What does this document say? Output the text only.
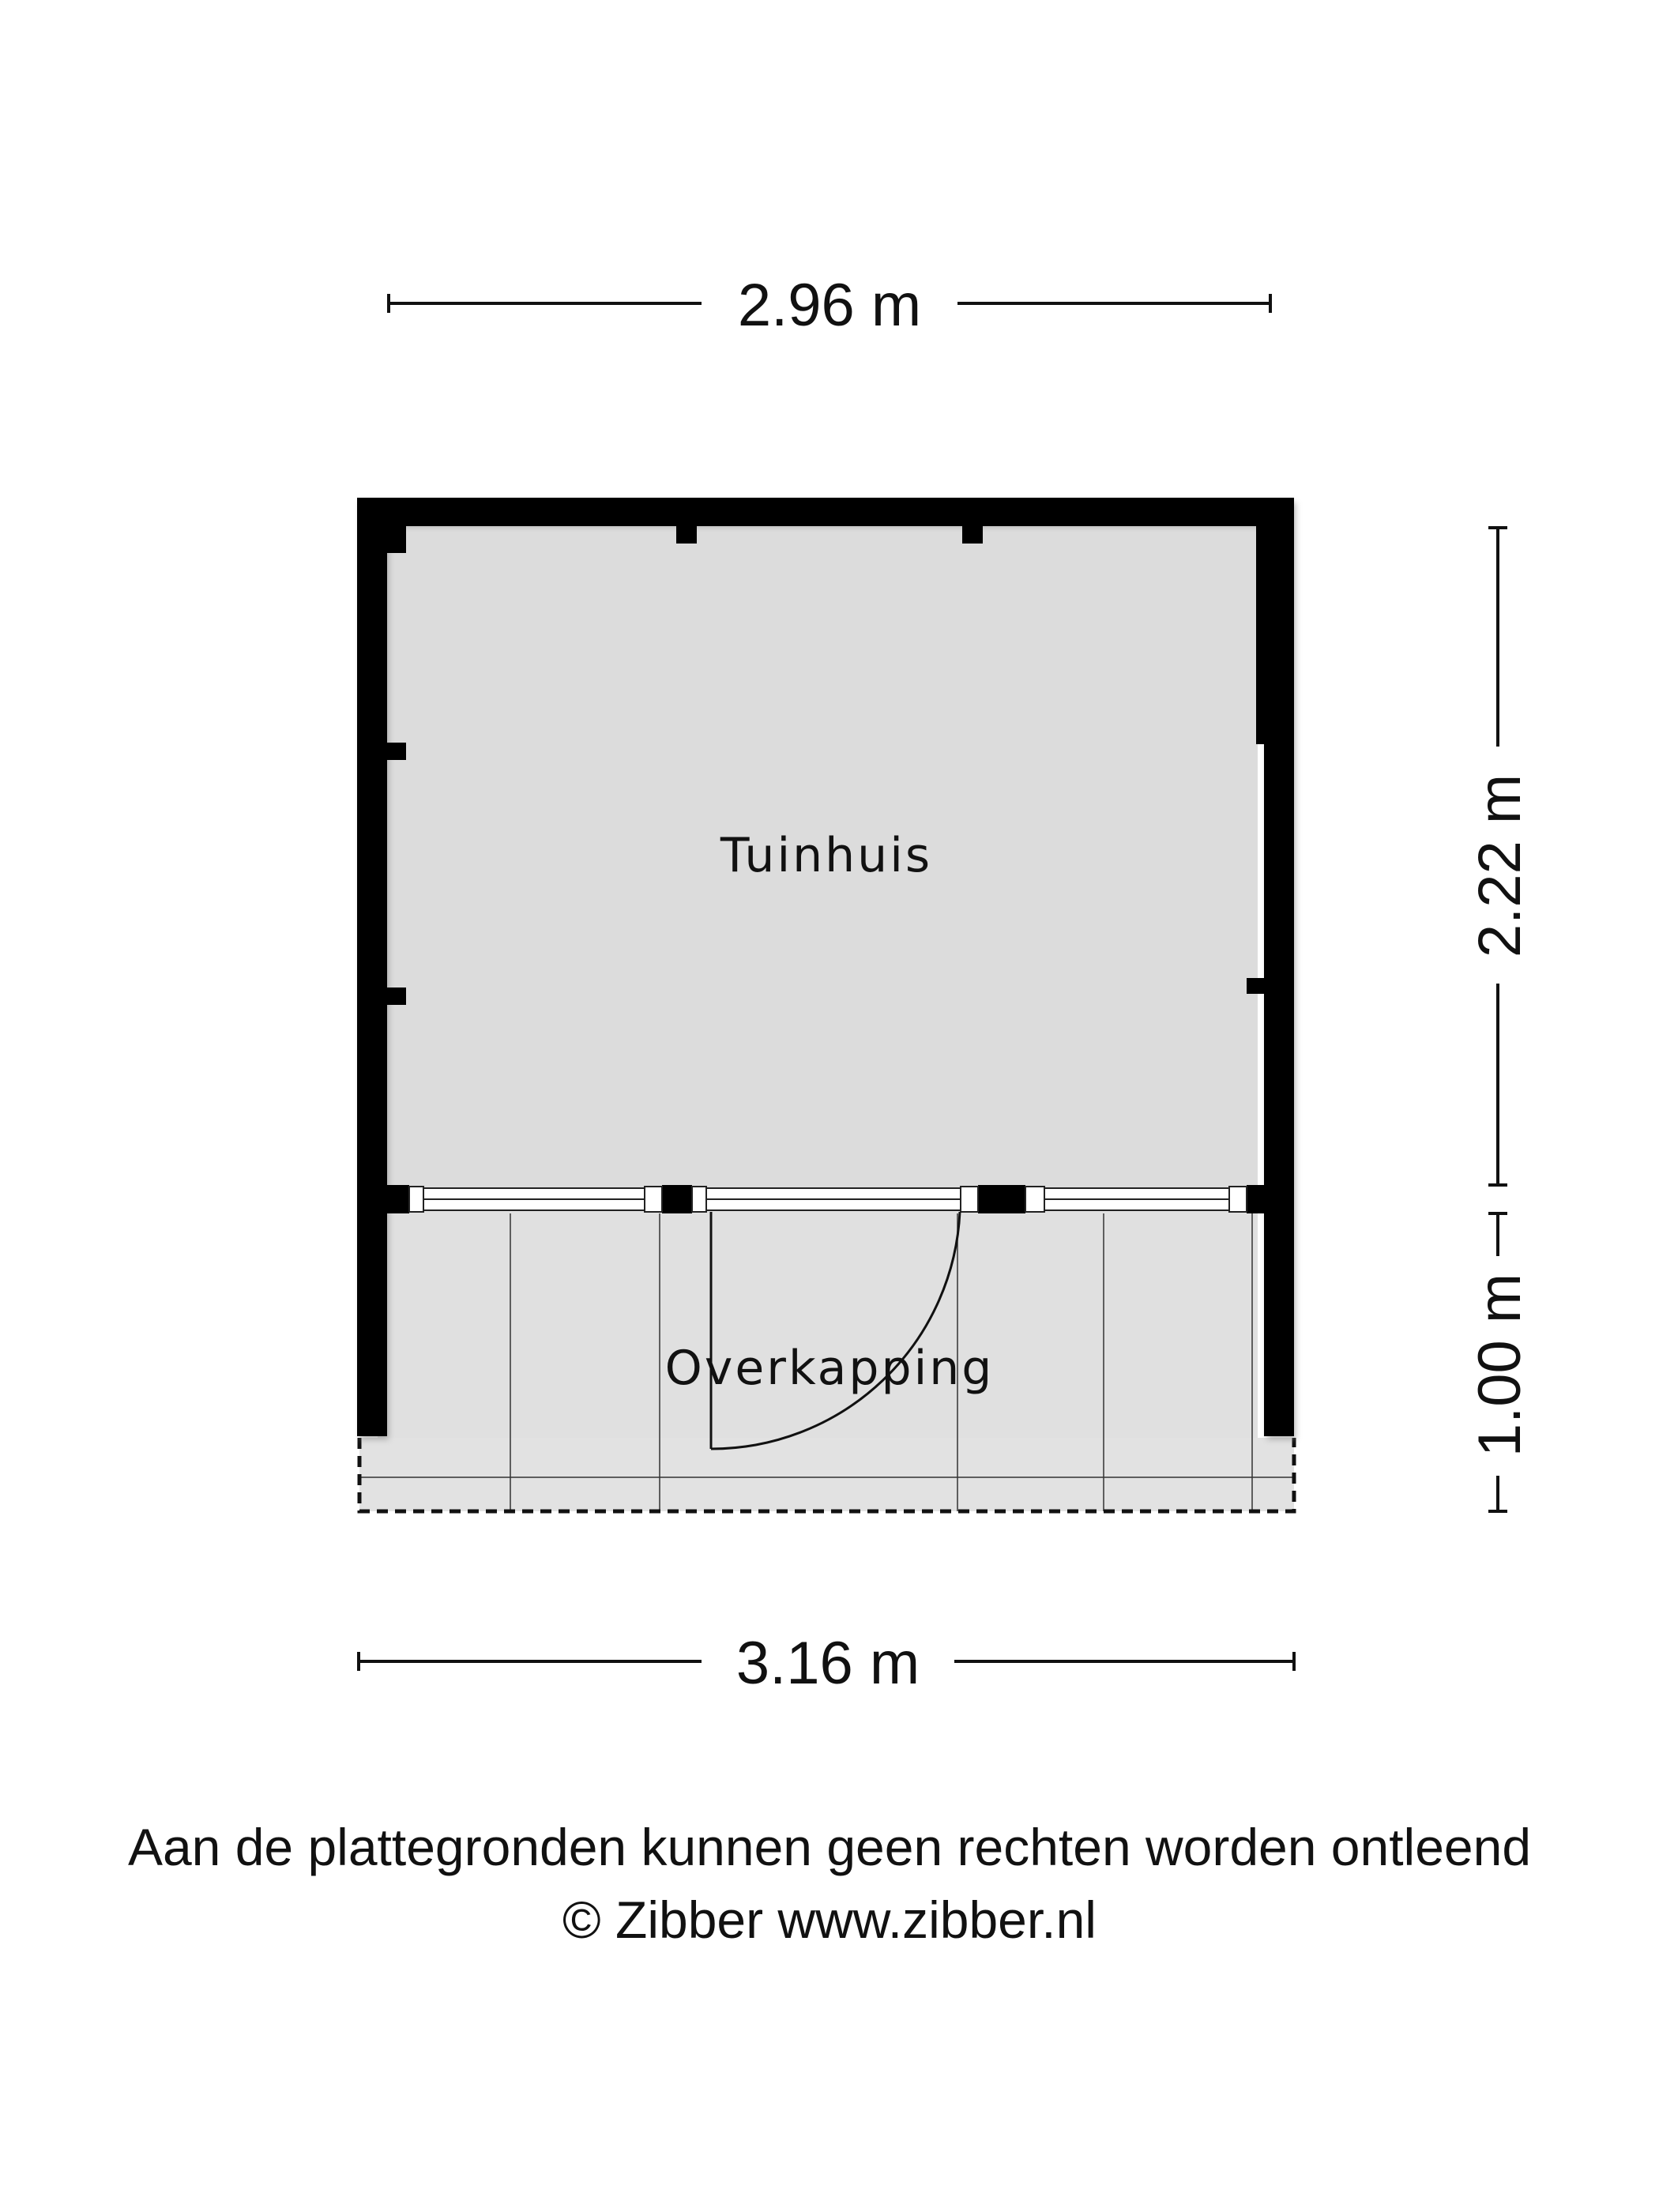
2.96 m
Tuinhuis
Overkapping
2.22 m
1.00 m
3.16 m
Aan de plattegronden kunnen geen rechten worden ontleend
© Zibber www.zibber.nl
